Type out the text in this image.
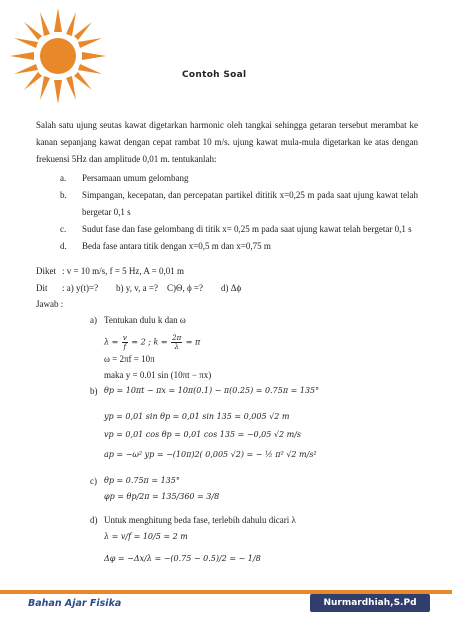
Contoh Soal
Salah satu ujung seutas kawat digetarkan harmonic oleh tangkai sehingga getaran tersebut merambat ke kanan sepanjang kawat dengan cepat rambat 10 m/s. ujung kawat mula-mula digetarkan ke atas dengan frekuensi 5Hz dan amplitude 0,01 m. tentukanlah:
a. Persamaan umum gelombang
b. Simpangan, kecepatan, dan percepatan partikel dititik x=0,25 m pada saat ujung kawat telah bergetar 0,1 s
c. Sudut fase dan fase gelombang di titik x= 0,25 m pada saat ujung kawat telah bergetar 0,1 s
d. Beda fase antara titik dengan x=0,5 m dan x=0,75 m
Diket : v = 10 m/s, f = 5 Hz, A = 0,01 m
Dit : a) y(t)=?        b) y, v, a =?    C)Θ, ϕ =?        d) Δϕ
Jawab :
a) Tentukan dulu k dan ω
$\lambda = \frac{v}{f} = 2$ ; $k = \frac{2\pi}{\lambda} = \pi$
ω = 2πf = 10π
maka y = 0.01 sin (10πt − πx)
b) θp = 10πt − πx = 10π(0.1) − π(0.25) = 0.75π = 135°
yp = 0,01 sin θp = 0,01 sin 135 = 0,005 √2 m
vp = 0,01 cos θp = 0,01 cos 135 = −0,05 √2 m/s
ap = −ω² yp = −(10π)2( 0,005 √2) = − ½ π² √2 m/s²
c) θp = 0.75π = 135°
φp = θp/2π = 135/360 = 3/8
d) Untuk menghitung beda fase, terlebih dahulu dicari λ
λ = v/f = 10/5 = 2 m
Δφ = −Δx/λ = −(0.75 − 0.5)/2 = − 1/8
Bahan Ajar Fisika	Nurmardhiah,S.Pd
